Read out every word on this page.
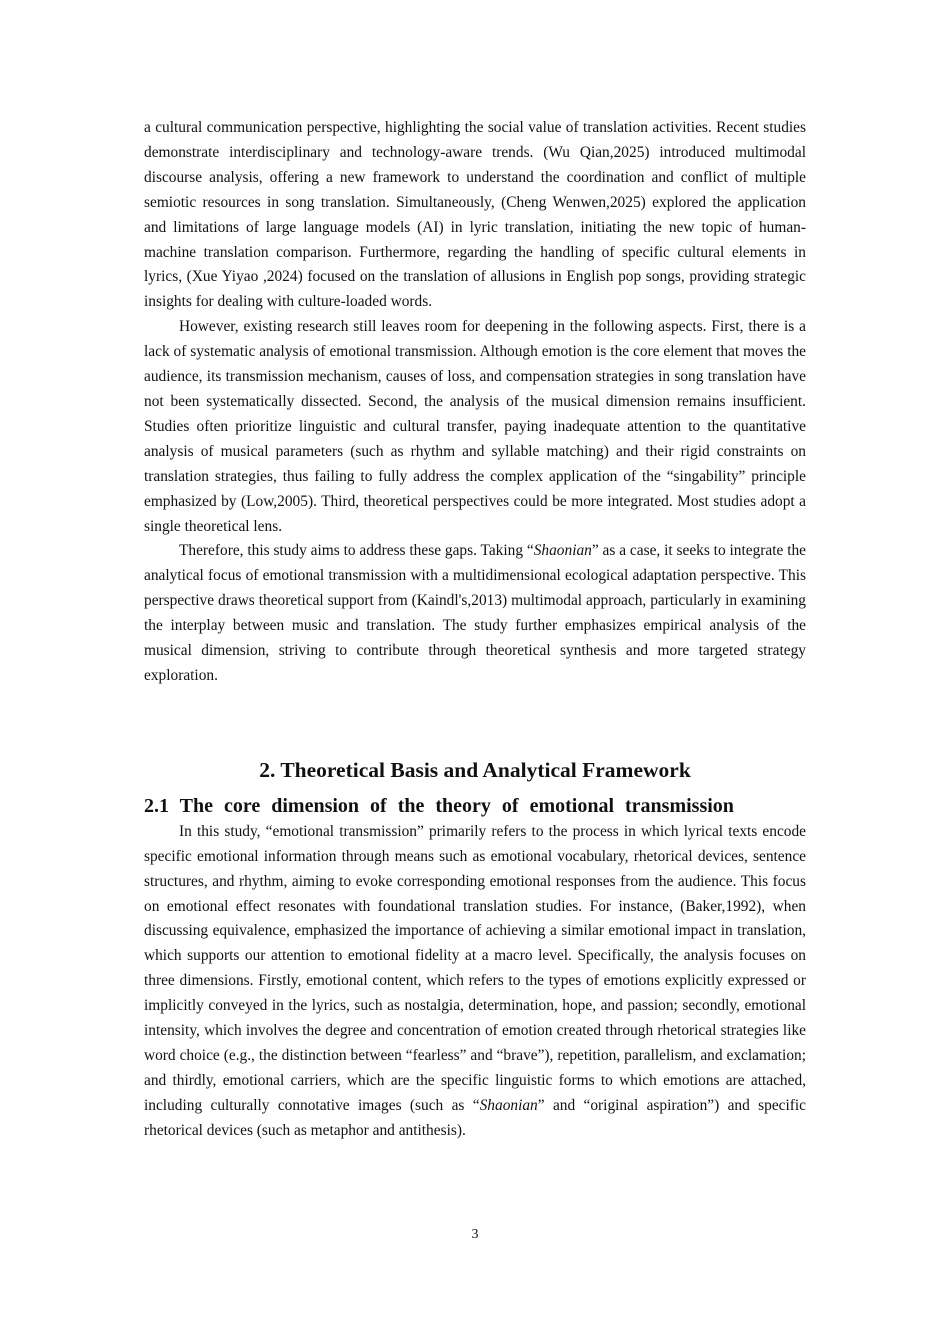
a cultural communication perspective, highlighting the social value of translation activities. Recent studies demonstrate interdisciplinary and technology-aware trends. (Wu Qian,2025) introduced multimodal discourse analysis, offering a new framework to understand the coordination and conflict of multiple semiotic resources in song translation. Simultaneously, (Cheng Wenwen,2025) explored the application and limitations of large language models (AI) in lyric translation, initiating the new topic of human-machine translation comparison. Furthermore, regarding the handling of specific cultural elements in lyrics, (Xue Yiyao ,2024) focused on the translation of allusions in English pop songs, providing strategic insights for dealing with culture-loaded words.

However, existing research still leaves room for deepening in the following aspects. First, there is a lack of systematic analysis of emotional transmission. Although emotion is the core element that moves the audience, its transmission mechanism, causes of loss, and compensation strategies in song translation have not been systematically dissected. Second, the analysis of the musical dimension remains insufficient. Studies often prioritize linguistic and cultural transfer, paying inadequate attention to the quantitative analysis of musical parameters (such as rhythm and syllable matching) and their rigid constraints on translation strategies, thus failing to fully address the complex application of the “singability” principle emphasized by (Low,2005). Third, theoretical perspectives could be more integrated. Most studies adopt a single theoretical lens.

Therefore, this study aims to address these gaps. Taking “Shaonian” as a case, it seeks to integrate the analytical focus of emotional transmission with a multidimensional ecological adaptation perspective. This perspective draws theoretical support from (Kaindl's,2013) multimodal approach, particularly in examining the interplay between music and translation. The study further emphasizes empirical analysis of the musical dimension, striving to contribute through theoretical synthesis and more targeted strategy exploration.

2. Theoretical Basis and Analytical Framework
2.1 The core dimension of the theory of emotional transmission

In this study, “emotional transmission” primarily refers to the process in which lyrical texts encode specific emotional information through means such as emotional vocabulary, rhetorical devices, sentence structures, and rhythm, aiming to evoke corresponding emotional responses from the audience. This focus on emotional effect resonates with foundational translation studies. For instance, (Baker,1992), when discussing equivalence, emphasized the importance of achieving a similar emotional impact in translation, which supports our attention to emotional fidelity at a macro level. Specifically, the analysis focuses on three dimensions. Firstly, emotional content, which refers to the types of emotions explicitly expressed or implicitly conveyed in the lyrics, such as nostalgia, determination, hope, and passion; secondly, emotional intensity, which involves the degree and concentration of emotion created through rhetorical strategies like word choice (e.g., the distinction between “fearless” and “brave”), repetition, parallelism, and exclamation; and thirdly, emotional carriers, which are the specific linguistic forms to which emotions are attached, including culturally connotative images (such as “Shaonian” and “original aspiration”) and specific rhetorical devices (such as metaphor and antithesis).

3
